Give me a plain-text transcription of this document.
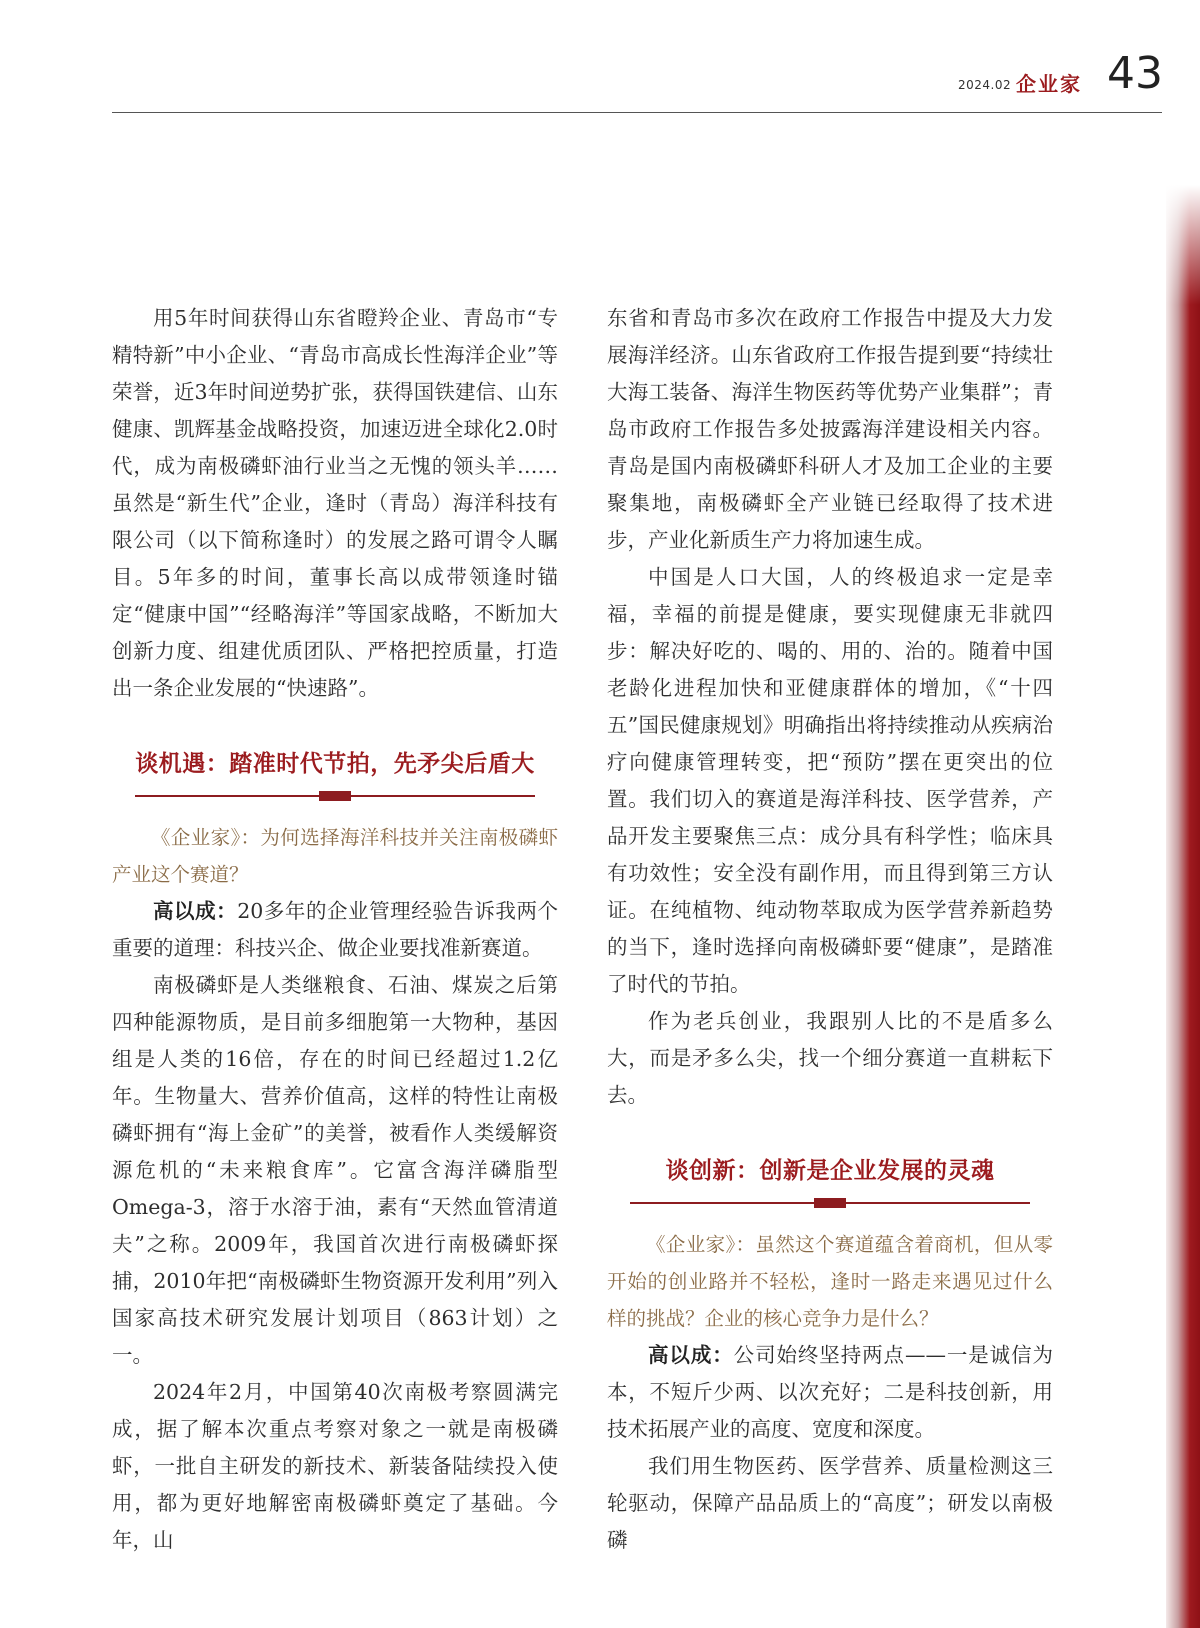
2024.02 企业家 43

用5年时间获得山东省瞪羚企业、青岛市“专精特新”中小企业、“青岛市高成长性海洋企业”等荣誉，近3年时间逆势扩张，获得国铁建信、山东健康、凯辉基金战略投资，加速迈进全球化2.0时代，成为南极磷虾油行业当之无愧的领头羊……虽然是“新生代”企业，逢时（青岛）海洋科技有限公司（以下简称逢时）的发展之路可谓令人瞩目。5年多的时间，董事长高以成带领逢时锚定“健康中国”“经略海洋”等国家战略，不断加大创新力度、组建优质团队、严格把控质量，打造出一条企业发展的“快速路”。

谈机遇：踏准时代节拍，先矛尖后盾大

《企业家》：为何选择海洋科技并关注南极磷虾产业这个赛道？

高以成：20多年的企业管理经验告诉我两个重要的道理：科技兴企、做企业要找准新赛道。

南极磷虾是人类继粮食、石油、煤炭之后第四种能源物质，是目前多细胞第一大物种，基因组是人类的16倍，存在的时间已经超过1.2亿年。生物量大、营养价值高，这样的特性让南极磷虾拥有“海上金矿”的美誉，被看作人类缓解资源危机的“未来粮食库”。它富含海洋磷脂型Omega-3，溶于水溶于油，素有“天然血管清道夫”之称。2009年，我国首次进行南极磷虾探捕，2010年把“南极磷虾生物资源开发利用”列入国家高技术研究发展计划项目（863计划）之一。

2024年2月，中国第40次南极考察圆满完成，据了解本次重点考察对象之一就是南极磷虾，一批自主研发的新技术、新装备陆续投入使用，都为更好地解密南极磷虾奠定了基础。今年，山

东省和青岛市多次在政府工作报告中提及大力发展海洋经济。山东省政府工作报告提到要“持续壮大海工装备、海洋生物医药等优势产业集群”；青岛市政府工作报告多处披露海洋建设相关内容。青岛是国内南极磷虾科研人才及加工企业的主要聚集地，南极磷虾全产业链已经取得了技术进步，产业化新质生产力将加速生成。

中国是人口大国，人的终极追求一定是幸福，幸福的前提是健康，要实现健康无非就四步：解决好吃的、喝的、用的、治的。随着中国老龄化进程加快和亚健康群体的增加，《“十四五”国民健康规划》明确指出将持续推动从疾病治疗向健康管理转变，把“预防”摆在更突出的位置。我们切入的赛道是海洋科技、医学营养，产品开发主要聚焦三点：成分具有科学性；临床具有功效性；安全没有副作用，而且得到第三方认证。在纯植物、纯动物萃取成为医学营养新趋势的当下，逢时选择向南极磷虾要“健康”，是踏准了时代的节拍。

作为老兵创业，我跟别人比的不是盾多么大，而是矛多么尖，找一个细分赛道一直耕耘下去。

谈创新：创新是企业发展的灵魂

《企业家》：虽然这个赛道蕴含着商机，但从零开始的创业路并不轻松，逢时一路走来遇见过什么样的挑战？企业的核心竞争力是什么？

高以成：公司始终坚持两点——一是诚信为本，不短斤少两、以次充好；二是科技创新，用技术拓展产业的高度、宽度和深度。

我们用生物医药、医学营养、质量检测这三轮驱动，保障产品品质上的“高度”；研发以南极磷
